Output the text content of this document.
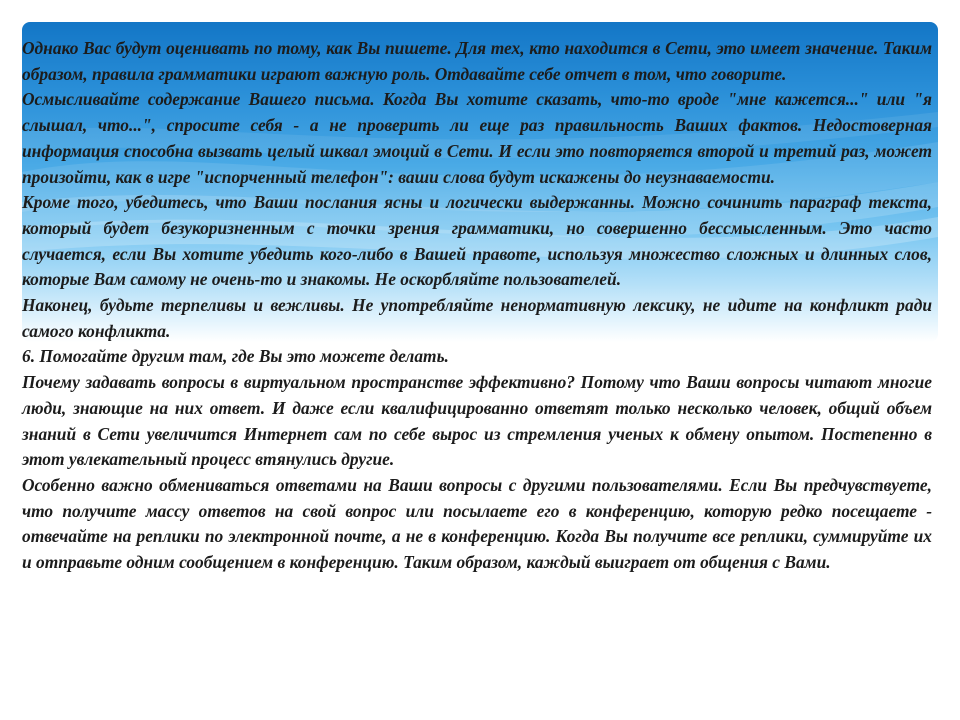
Однако Вас будут оценивать по тому, как Вы пишете. Для тех, кто находится в Сети, это имеет значение. Таким образом, правила грамматики играют важную роль. Отдавайте себе отчет в том, что говорите.

Осмысливайте содержание Вашего письма. Когда Вы хотите сказать, что-то вроде "мне кажется..." или "я слышал, что...", спросите себя - а не проверить ли еще раз правильность Ваших фактов. Недостоверная информация способна вызвать целый шквал эмоций в Сети. И если это повторяется второй и третий раз, может произойти, как в игре "испорченный телефон": ваши слова будут искажены до неузнаваемости.

Кроме того, убедитесь, что Ваши послания ясны и логически выдержанны. Можно сочинить параграф текста, который будет безукоризненным с точки зрения грамматики, но совершенно бессмысленным. Это часто случается, если Вы хотите убедить кого-либо в Вашей правоте, используя множество сложных и длинных слов, которые Вам самому не очень-то и знакомы. Не оскорбляйте пользователей.

Наконец, будьте терпеливы и вежливы. Не употребляйте ненормативную лексику, не идите на конфликт ради самого конфликта.

6. Помогайте другим там, где Вы это можете делать.

Почему задавать вопросы в виртуальном пространстве эффективно? Потому что Ваши вопросы читают многие люди, знающие на них ответ. И даже если квалифицированно ответят только несколько человек, общий объем знаний в Сети увеличится Интернет сам по себе вырос из стремления ученых к обмену опытом. Постепенно в этот увлекательный процесс втянулись другие.

Особенно важно обмениваться ответами на Ваши вопросы с другими пользователями. Если Вы предчувствуете, что получите массу ответов на свой вопрос или посылаете его в конференцию, которую редко посещаете - отвечайте на реплики по электронной почте, а не в конференцию. Когда Вы получите все реплики, суммируйте их и отправьте одним сообщением в конференцию. Таким образом, каждый выиграет от общения с Вами.
